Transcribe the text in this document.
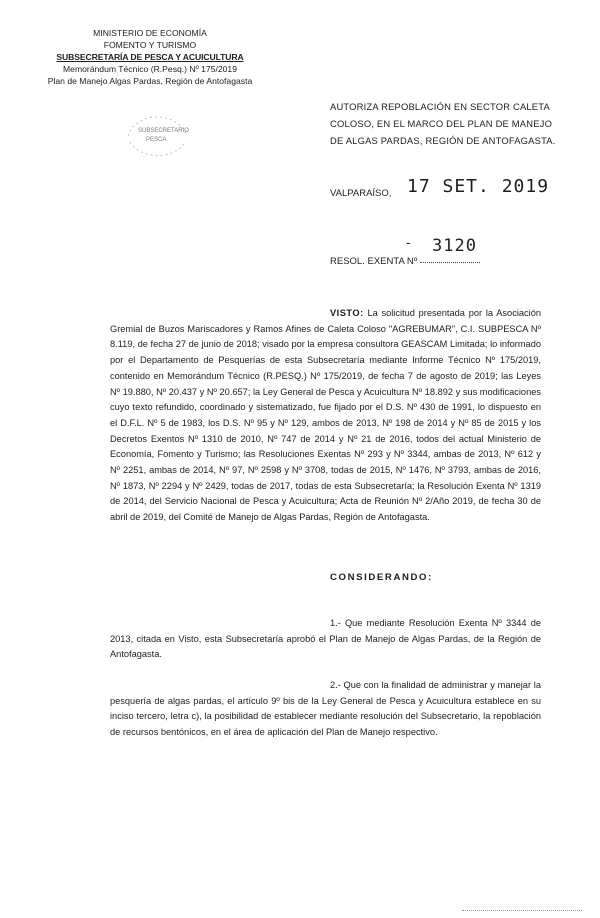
MINISTERIO DE ECONOMÍA
FOMENTO Y TURISMO
SUBSECRETARÍA DE PESCA Y ACUICULTURA
Memorándum Técnico (R.Pesq.) Nº 175/2019
Plan de Manejo Algas Pardas, Región de Antofagasta
SUBSECRETARIO
PESCA
AUTORIZA REPOBLACIÓN EN SECTOR CALETA COLOSO, EN EL MARCO DEL PLAN DE MANEJO DE ALGAS PARDAS, REGIÓN DE ANTOFAGASTA.
VALPARAÍSO, 17 SET. 2019
- 3120
RESOL. EXENTA Nº
VISTO: La solicitud presentada por la Asociación Gremial de Buzos Mariscadores y Ramos Afines de Caleta Coloso "AGREBUMAR", C.I. SUBPESCA Nº 8.119, de fecha 27 de junio de 2018; visado por la empresa consultora GEASCAM Limitada; lo informado por el Departamento de Pesquerías de esta Subsecretaría mediante Informe Técnico Nº 175/2019, contenido en Memorándum Técnico (R.PESQ.) Nº 175/2019, de fecha 7 de agosto de 2019; las Leyes Nº 19.880, Nº 20.437 y Nº 20.657; la Ley General de Pesca y Acuicultura Nº 18.892 y sus modificaciones cuyo texto refundido, coordinado y sistematizado, fue fijado por el D.S. Nº 430 de 1991, lo dispuesto en el D.F.L. Nº 5 de 1983, los D.S. Nº 95 y Nº 129, ambos de 2013, Nº 198 de 2014 y Nº 85 de 2015 y los Decretos Exentos Nº 1310 de 2010, Nº 747 de 2014 y Nº 21 de 2016, todos del actual Ministerio de Economía, Fomento y Turismo; las Resoluciones Exentas Nº 293 y Nº 3344, ambas de 2013, Nº 612 y Nº 2251, ambas de 2014, Nº 97, Nº 2598 y Nº 3708, todas de 2015, Nº 1476, Nº 3793, ambas de 2016, Nº 1873, Nº 2294 y Nº 2429, todas de 2017, todas de esta Subsecretaría; la Resolución Exenta Nº 1319 de 2014, del Servicio Nacional de Pesca y Acuicultura; Acta de Reunión Nº 2/Año 2019, de fecha 30 de abril de 2019, del Comité de Manejo de Algas Pardas, Región de Antofagasta.
CONSIDERANDO:
1.- Que mediante Resolución Exenta Nº 3344 de 2013, citada en Visto, esta Subsecretaría aprobó el Plan de Manejo de Algas Pardas, de la Región de Antofagasta.
2.- Que con la finalidad de administrar y manejar la pesquería de algas pardas, el artículo 9º bis de la Ley General de Pesca y Acuicultura establece en su inciso tercero, letra c), la posibilidad de establecer mediante resolución del Subsecretario, la repoblación de recursos bentónicos, en el área de aplicación del Plan de Manejo respectivo.
